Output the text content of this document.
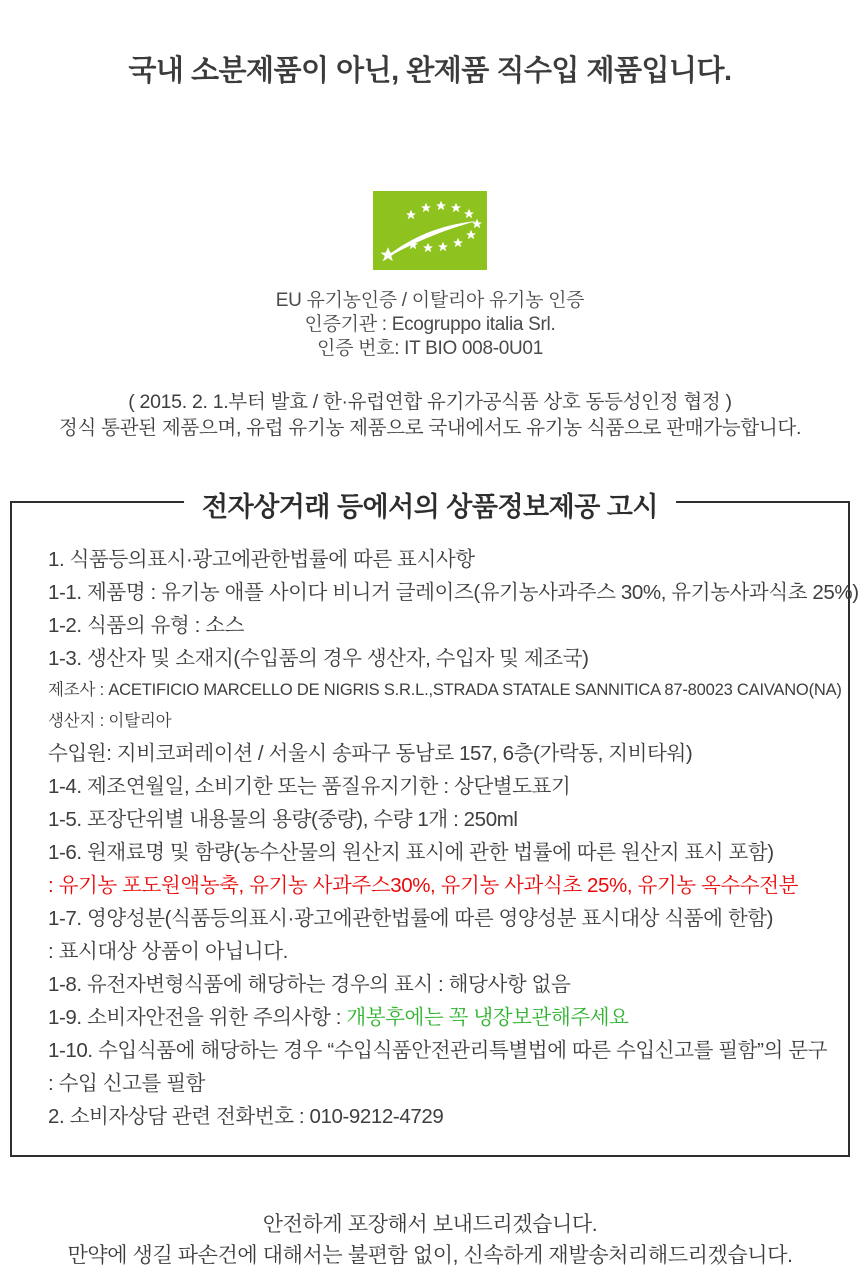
국내 소분제품이 아닌, 완제품 직수입 제품입니다.
EU 유기농인증 / 이탈리아 유기농 인증
인증기관 : Ecogruppo italia Srl.
인증 번호: IT BIO 008-0U01
( 2015. 2. 1.부터 발효 / 한·유럽연합 유기가공식품 상호 동등성인정 협정 )
정식 통관된 제품으며, 유럽 유기농 제품으로 국내에서도 유기농 식품으로 판매가능합니다.
전자상거래 등에서의 상품정보제공 고시
1. 식품등의표시·광고에관한법률에 따른 표시사항
1-1. 제품명 : 유기농 애플 사이다 비니거 글레이즈(유기농사과주스 30%, 유기농사과식초 25%)
1-2. 식품의 유형 : 소스
1-3. 생산자 및 소재지(수입품의 경우 생산자, 수입자 및 제조국)
제조사 : ACETIFICIO MARCELLO DE NIGRIS S.R.L.,STRADA STATALE SANNITICA 87-80023 CAIVANO(NA)
생산지 : 이탈리아
수입원: 지비코퍼레이션 / 서울시 송파구 동남로 157, 6층(가락동, 지비타워)
1-4. 제조연월일, 소비기한 또는 품질유지기한 : 상단별도표기
1-5. 포장단위별 내용물의 용량(중량), 수량 1개 : 250ml
1-6. 원재료명 및 함량(농수산물의 원산지 표시에 관한 법률에 따른 원산지 표시 포함)
: 유기농 포도원액농축, 유기농 사과주스30%, 유기농 사과식초 25%, 유기농 옥수수전분
1-7. 영양성분(식품등의표시·광고에관한법률에 따른 영양성분 표시대상 식품에 한함)
: 표시대상 상품이 아닙니다.
1-8. 유전자변형식품에 해당하는 경우의 표시 : 해당사항 없음
1-9. 소비자안전을 위한 주의사항 : 개봉후에는 꼭 냉장보관해주세요
1-10. 수입식품에 해당하는 경우 “수입식품안전관리특별법에 따른 수입신고를 필함”의 문구
: 수입 신고를 필함
2. 소비자상담 관련 전화번호 : 010-9212-4729
안전하게 포장해서 보내드리겠습니다.
만약에 생길 파손건에 대해서는 불편함 없이, 신속하게 재발송처리해드리겠습니다.
